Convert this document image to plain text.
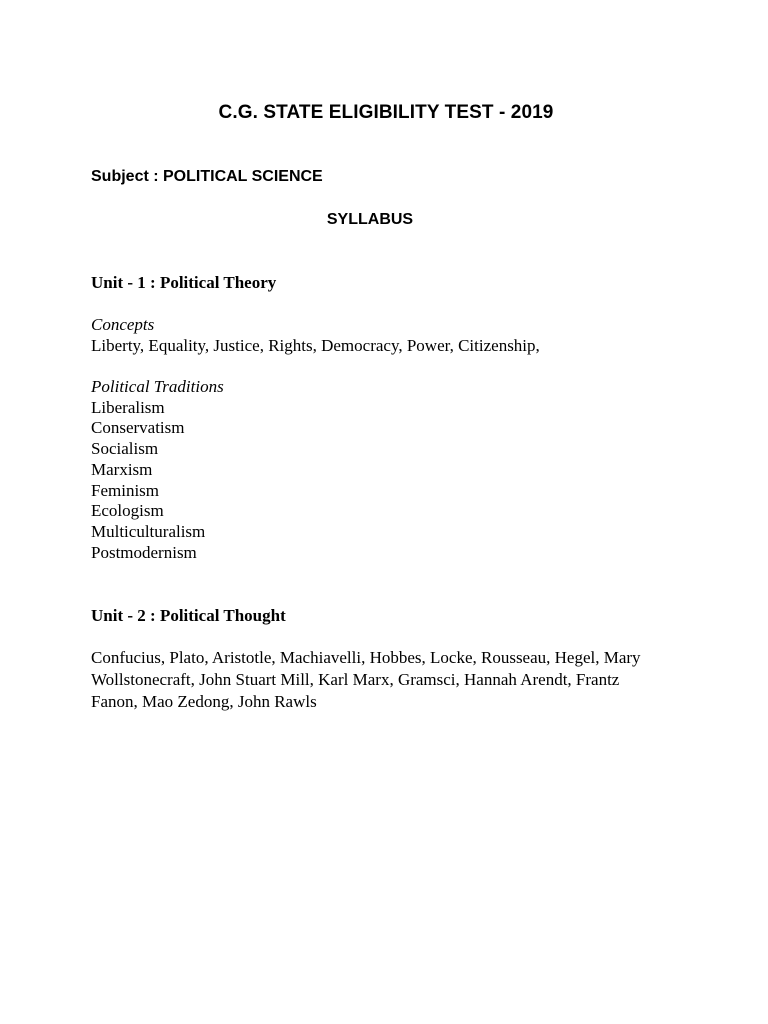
C.G. STATE ELIGIBILITY TEST - 2019
Subject : POLITICAL SCIENCE
SYLLABUS
Unit - 1 : Political Theory
Concepts
Liberty, Equality, Justice, Rights, Democracy, Power, Citizenship,
Political Traditions
Liberalism
Conservatism
Socialism
Marxism
Feminism
Ecologism
Multiculturalism
Postmodernism
Unit - 2 : Political Thought
Confucius, Plato, Aristotle, Machiavelli, Hobbes, Locke, Rousseau, Hegel, Mary
Wollstonecraft, John Stuart Mill, Karl Marx, Gramsci, Hannah Arendt, Frantz
Fanon, Mao Zedong, John Rawls
